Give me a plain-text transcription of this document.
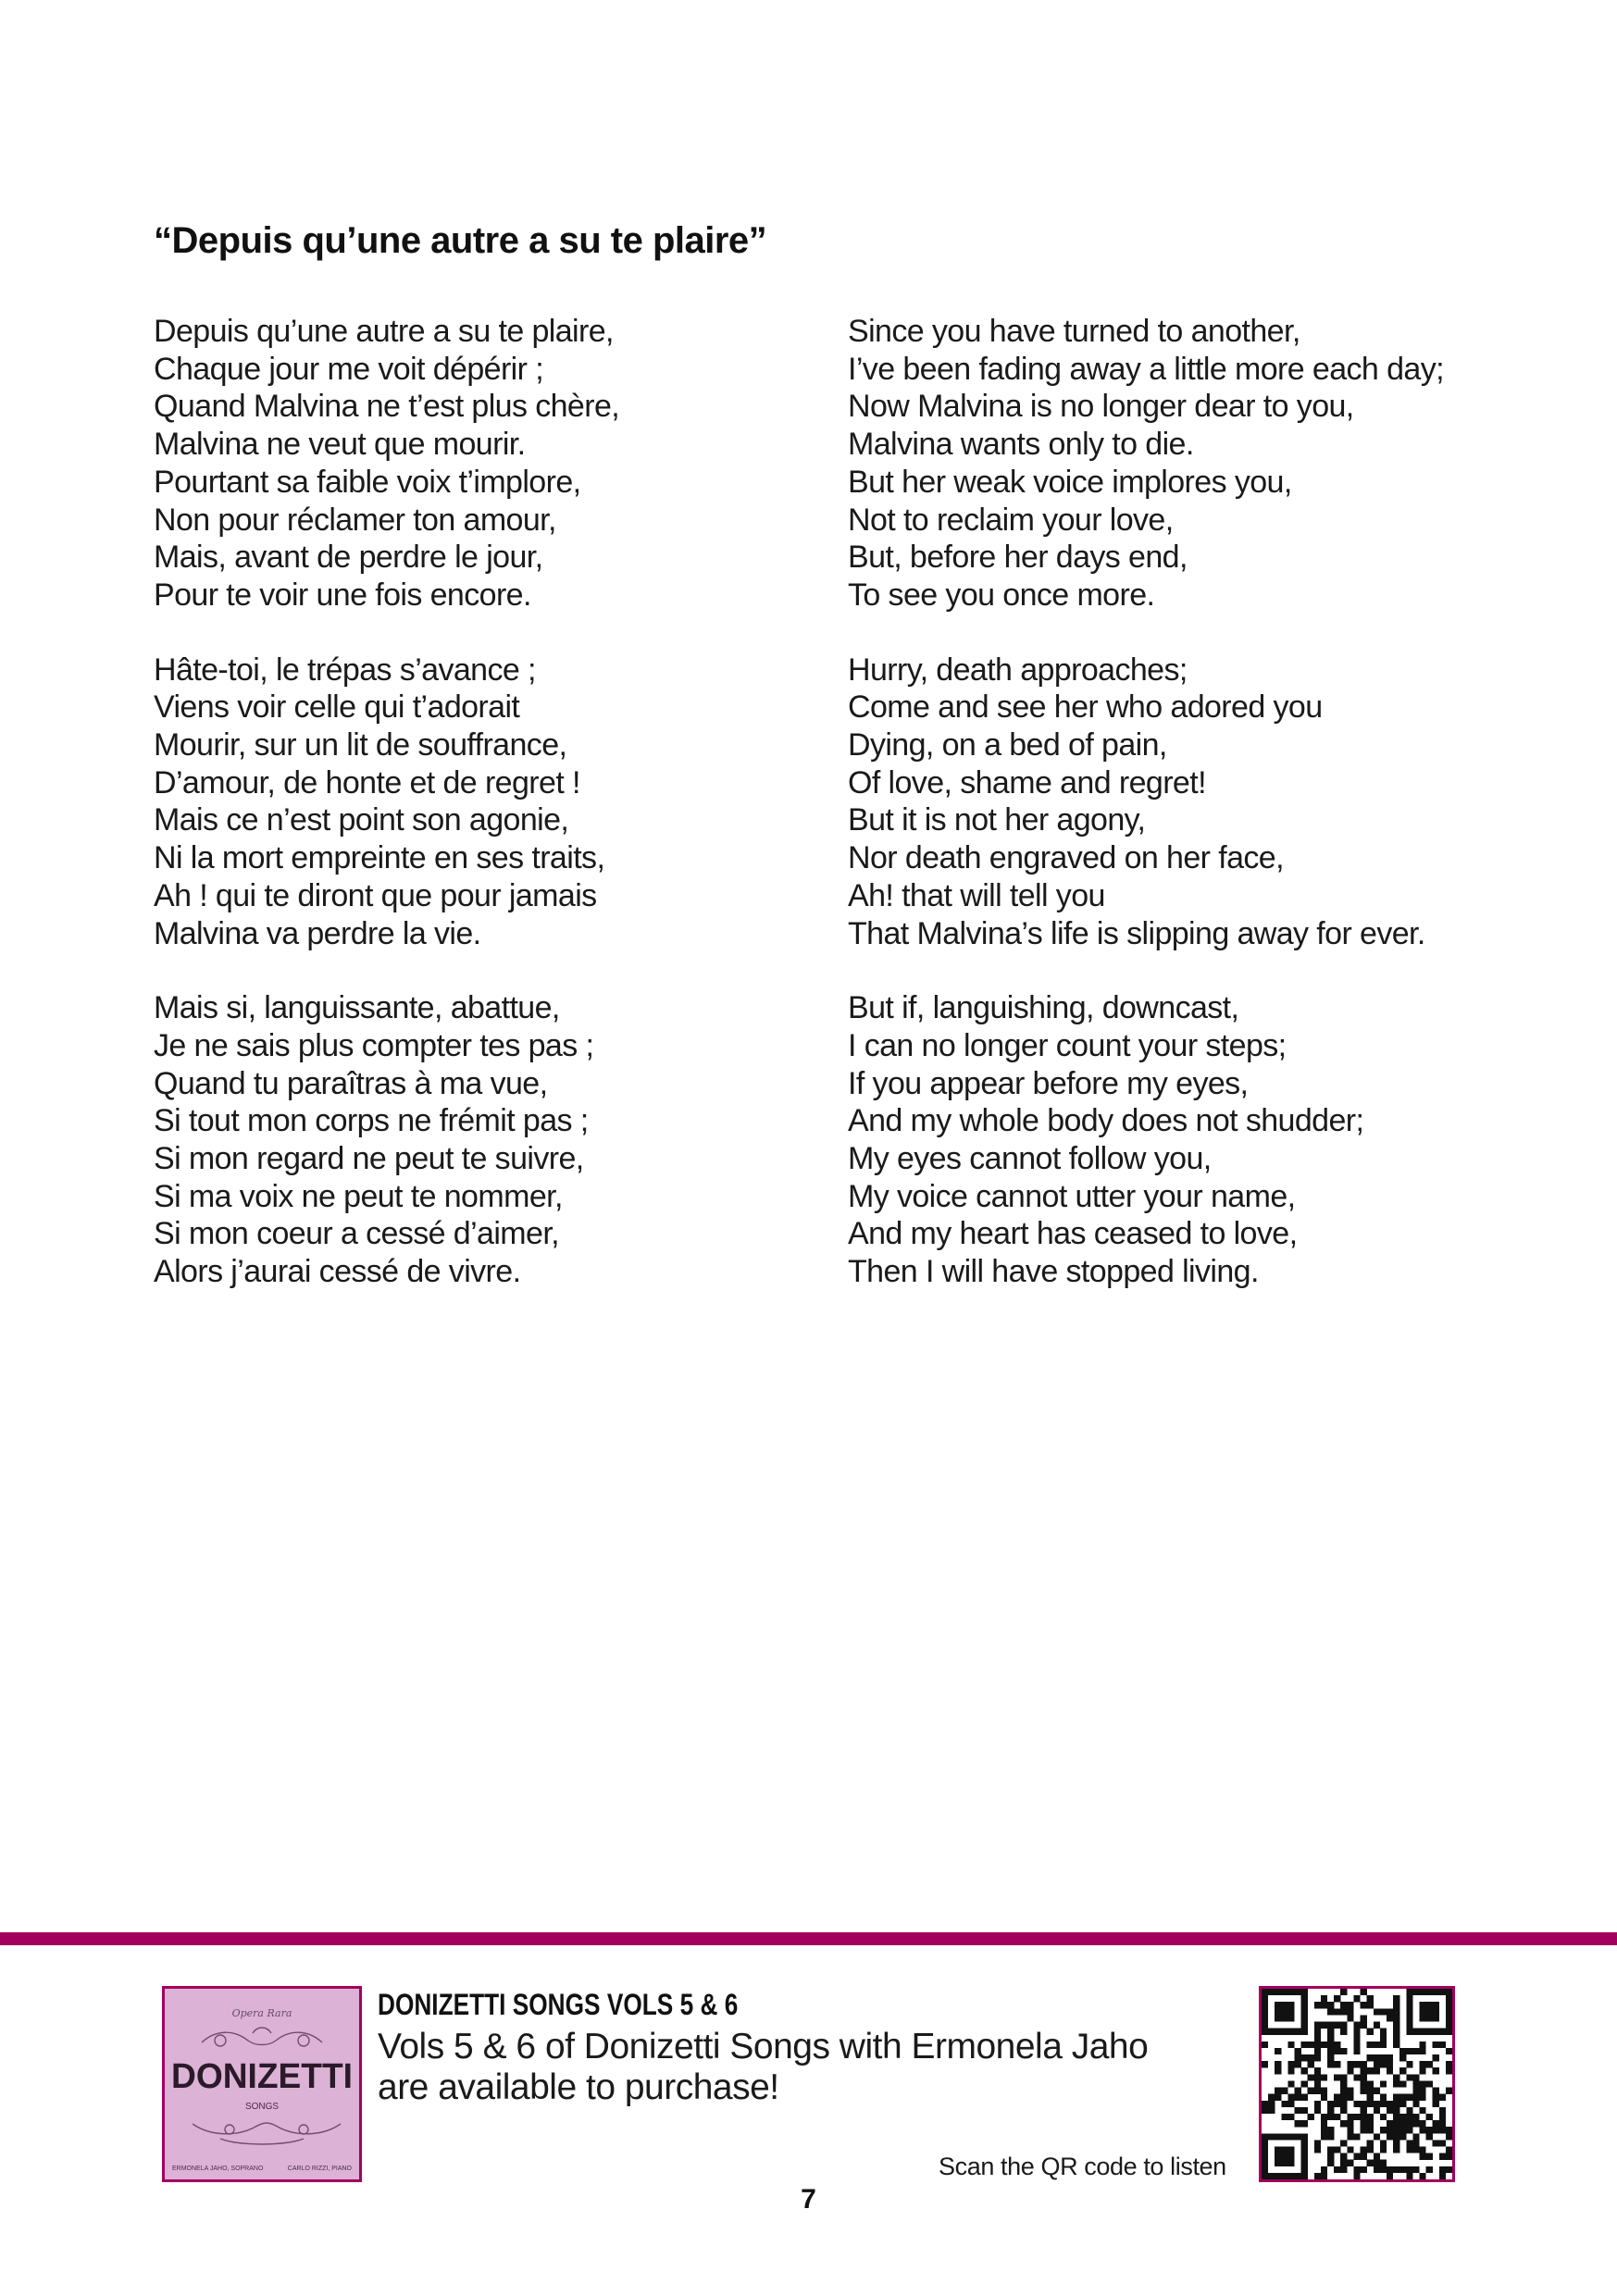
“Depuis qu’une autre a su te plaire”
Depuis qu’une autre a su te plaire,
Chaque jour me voit dépérir ;
Quand Malvina ne t’est plus chère,
Malvina ne veut que mourir.
Pourtant sa faible voix t’implore,
Non pour réclamer ton amour,
Mais, avant de perdre le jour,
Pour te voir une fois encore.
Hâte-toi, le trépas s’avance ;
Viens voir celle qui t’adorait
Mourir, sur un lit de souffrance,
D’amour, de honte et de regret !
Mais ce n’est point son agonie,
Ni la mort empreinte en ses traits,
Ah ! qui te diront que pour jamais
Malvina va perdre la vie.
Mais si, languissante, abattue,
Je ne sais plus compter tes pas ;
Quand tu paraîtras à ma vue,
Si tout mon corps ne frémit pas ;
Si mon regard ne peut te suivre,
Si ma voix ne peut te nommer,
Si mon coeur a cessé d’aimer,
Alors j’aurai cessé de vivre.
Since you have turned to another,
I’ve been fading away a little more each day;
Now Malvina is no longer dear to you,
Malvina wants only to die.
But her weak voice implores you,
Not to reclaim your love,
But, before her days end,
To see you once more.
Hurry, death approaches;
Come and see her who adored you
Dying, on a bed of pain,
Of love, shame and regret!
But it is not her agony,
Nor death engraved on her face,
Ah! that will tell you
That Malvina’s life is slipping away for ever.
But if, languishing, downcast,
I can no longer count your steps;
If you appear before my eyes,
And my whole body does not shudder;
My eyes cannot follow you,
My voice cannot utter your name,
And my heart has ceased to love,
Then I will have stopped living.
Opera Rara
DONIZETTI
SONGS
ERMONELA JAHO, SOPRANO	CARLO RIZZI, PIANO
DONIZETTI SONGS VOLS 5 & 6
Vols 5 & 6 of Donizetti Songs with Ermonela Jaho
are available to purchase!
Scan the QR code to listen
7
